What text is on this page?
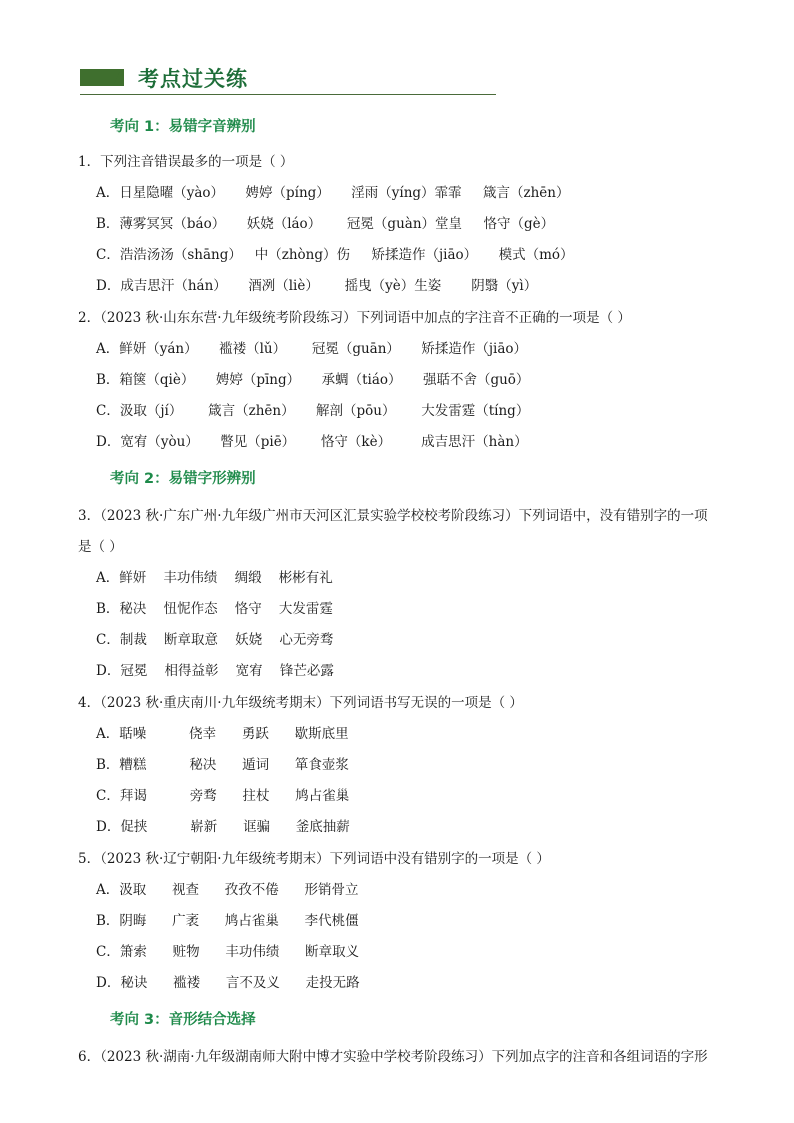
考点过关练
考向 1：易错字音辨别
1．下列注音错误最多的一项是（ ）
A．日星隐曜（yào）     娉婷（píng）     淫雨（yíng）霏霏     箴言（zhēn）
B．薄雾冥冥（báo）     妖娆（láo）      冠冕（guàn）堂皇     恪守（gè）
C．浩浩汤汤（shāng）   中（zhòng）伤     矫揉造作（jiāo）     模式（mó）
D．成吉思汗（hán）     酒冽（liè）      摇曳（yè）生姿       阴翳（yì）
2．（2023 秋·山东东营·九年级统考阶段练习）下列词语中加点的字注音不正确的一项是（ ）
A．鲜妍（yán）     褴褛（lǔ）      冠冕（guān）     矫揉造作（jiāo）
B．箱箧（qiè）     娉婷（pīng）     承蜩（tiáo）     强聒不舍（guō）
C．汲取（jí）      箴言（zhēn）     解剖（pōu）      大发雷霆（tíng）
D．宽宥（yòu）     瞥见（piē）      恪守（kè）       成吉思汗（hàn）
考向 2：易错字形辨别
3．（2023 秋·广东广州·九年级广州市天河区汇景实验学校校考阶段练习）下列词语中，没有错别字的一项
是（ ）
A．鲜妍    丰功伟绩    绸缎    彬彬有礼
B．秘决    忸怩作态    恪守    大发雷霆
C．制裁    断章取意    妖娆    心无旁骛
D．冠冕    相得益彰    宽宥    锋芒必露
4．（2023 秋·重庆南川·九年级统考期末）下列词语书写无误的一项是（ ）
A．聒噪          侥幸      勇跃      歇斯底里
B．糟糕          秘决      遁词      箪食壶浆
C．拜谒          旁骛      拄杖      鸠占雀巢
D．促挟          崭新      诓骗      釜底抽薪
5．（2023 秋·辽宁朝阳·九年级统考期末）下列词语中没有错别字的一项是（ ）
A．汲取      视查      孜孜不倦      形销骨立
B．阴晦      广袤      鸠占雀巢      李代桃僵
C．箫索      赃物      丰功伟绩      断章取义
D．秘诀      褴褛      言不及义      走投无路
考向 3：音形结合选择
6．（2023 秋·湖南·九年级湖南师大附中博才实验中学校考阶段练习）下列加点字的注音和各组词语的字形
